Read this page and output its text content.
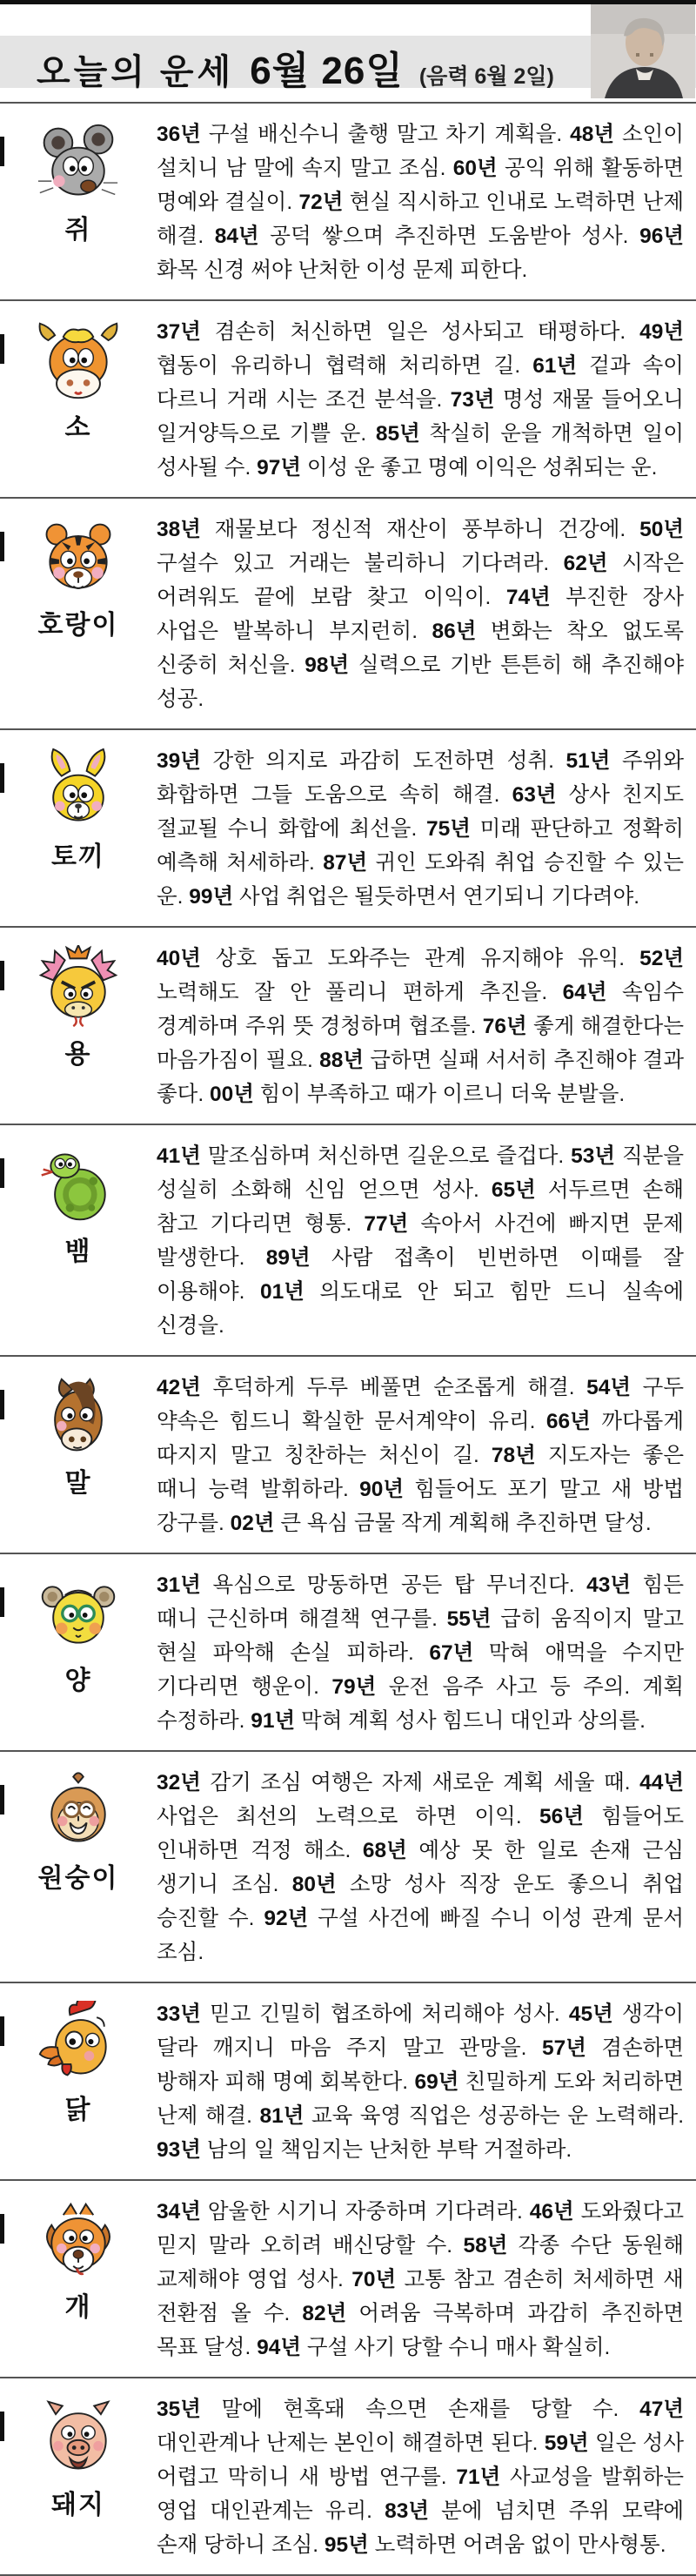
오늘의 운세 6월 26일 (음력 6월 2일)
쥐

36년 구설 배신수니 출행 말고 차기 계획을. 48년 소인이 설치니 남 말에 속지 말고 조심. 60년 공익 위해 활동하면 명예와 결실이. 72년 현실 직시하고 인내로 노력하면 난제 해결. 84년 공덕 쌓으며 추진하면 도움받아 성사. 96년 화목 신경 써야 난처한 이성 문제 피한다.

소

37년 겸손히 처신하면 일은 성사되고 태평하다. 49년 협동이 유리하니 협력해 처리하면 길. 61년 겉과 속이 다르니 거래 시는 조건 분석을. 73년 명성 재물 들어오니 일거양득으로 기쁠 운. 85년 착실히 운을 개척하면 일이 성사될 수. 97년 이성 운 좋고 명예 이익은 성취되는 운.

호랑이

38년 재물보다 정신적 재산이 풍부하니 건강에. 50년 구설수 있고 거래는 불리하니 기다려라. 62년 시작은 어려워도 끝에 보람 찾고 이익이. 74년 부진한 장사 사업은 발복하니 부지런히. 86년 변화는 착오 없도록 신중히 처신을. 98년 실력으로 기반 튼튼히 해 추진해야 성공.

토끼

39년 강한 의지로 과감히 도전하면 성취. 51년 주위와 화합하면 그들 도움으로 속히 해결. 63년 상사 친지도 절교될 수니 화합에 최선을. 75년 미래 판단하고 정확히 예측해 처세하라. 87년 귀인 도와줘 취업 승진할 수 있는 운. 99년 사업 취업은 될듯하면서 연기되니 기다려야.

용

40년 상호 돕고 도와주는 관계 유지해야 유익. 52년 노력해도 잘 안 풀리니 편하게 추진을. 64년 속임수 경계하며 주위 뜻 경청하며 협조를. 76년 좋게 해결한다는 마음가짐이 필요. 88년 급하면 실패 서서히 추진해야 결과 좋다. 00년 힘이 부족하고 때가 이르니 더욱 분발을.

뱀

41년 말조심하며 처신하면 길운으로 즐겁다. 53년 직분을 성실히 소화해 신임 얻으면 성사. 65년 서두르면 손해 참고 기다리면 형통. 77년 속아서 사건에 빠지면 문제 발생한다. 89년 사람 접촉이 빈번하면 이때를 잘 이용해야. 01년 의도대로 안 되고 힘만 드니 실속에 신경을.

말

42년 후덕하게 두루 베풀면 순조롭게 해결. 54년 구두 약속은 힘드니 확실한 문서계약이 유리. 66년 까다롭게 따지지 말고 칭찬하는 처신이 길. 78년 지도자는 좋은 때니 능력 발휘하라. 90년 힘들어도 포기 말고 새 방법 강구를. 02년 큰 욕심 금물 작게 계획해 추진하면 달성.

양

31년 욕심으로 망동하면 공든 탑 무너진다. 43년 힘든 때니 근신하며 해결책 연구를. 55년 급히 움직이지 말고 현실 파악해 손실 피하라. 67년 막혀 애먹을 수지만 기다리면 행운이. 79년 운전 음주 사고 등 주의. 계획 수정하라. 91년 막혀 계획 성사 힘드니 대인과 상의를.

원숭이

32년 감기 조심 여행은 자제 새로운 계획 세울 때. 44년 사업은 최선의 노력으로 하면 이익. 56년 힘들어도 인내하면 걱정 해소. 68년 예상 못 한 일로 손재 근심 생기니 조심. 80년 소망 성사 직장 운도 좋으니 취업 승진할 수. 92년 구설 사건에 빠질 수니 이성 관계 문서 조심.

닭

33년 믿고 긴밀히 협조하에 처리해야 성사. 45년 생각이 달라 깨지니 마음 주지 말고 관망을. 57년 겸손하면 방해자 피해 명예 회복한다. 69년 친밀하게 도와 처리하면 난제 해결. 81년 교육 육영 직업은 성공하는 운 노력해라. 93년 남의 일 책임지는 난처한 부탁 거절하라.

개

34년 암울한 시기니 자중하며 기다려라. 46년 도와줬다고 믿지 말라 오히려 배신당할 수. 58년 각종 수단 동원해 교제해야 영업 성사. 70년 고통 참고 겸손히 처세하면 새 전환점 올 수. 82년 어려움 극복하며 과감히 추진하면 목표 달성. 94년 구설 사기 당할 수니 매사 확실히.

돼지

35년 말에 현혹돼 속으면 손재를 당할 수. 47년 대인관계나 난제는 본인이 해결하면 된다. 59년 일은 성사 어렵고 막히니 새 방법 연구를. 71년 사교성을 발휘하는 영업 대인관계는 유리. 83년 분에 넘치면 주위 모략에 손재 당하니 조심. 95년 노력하면 어려움 없이 만사형통.
